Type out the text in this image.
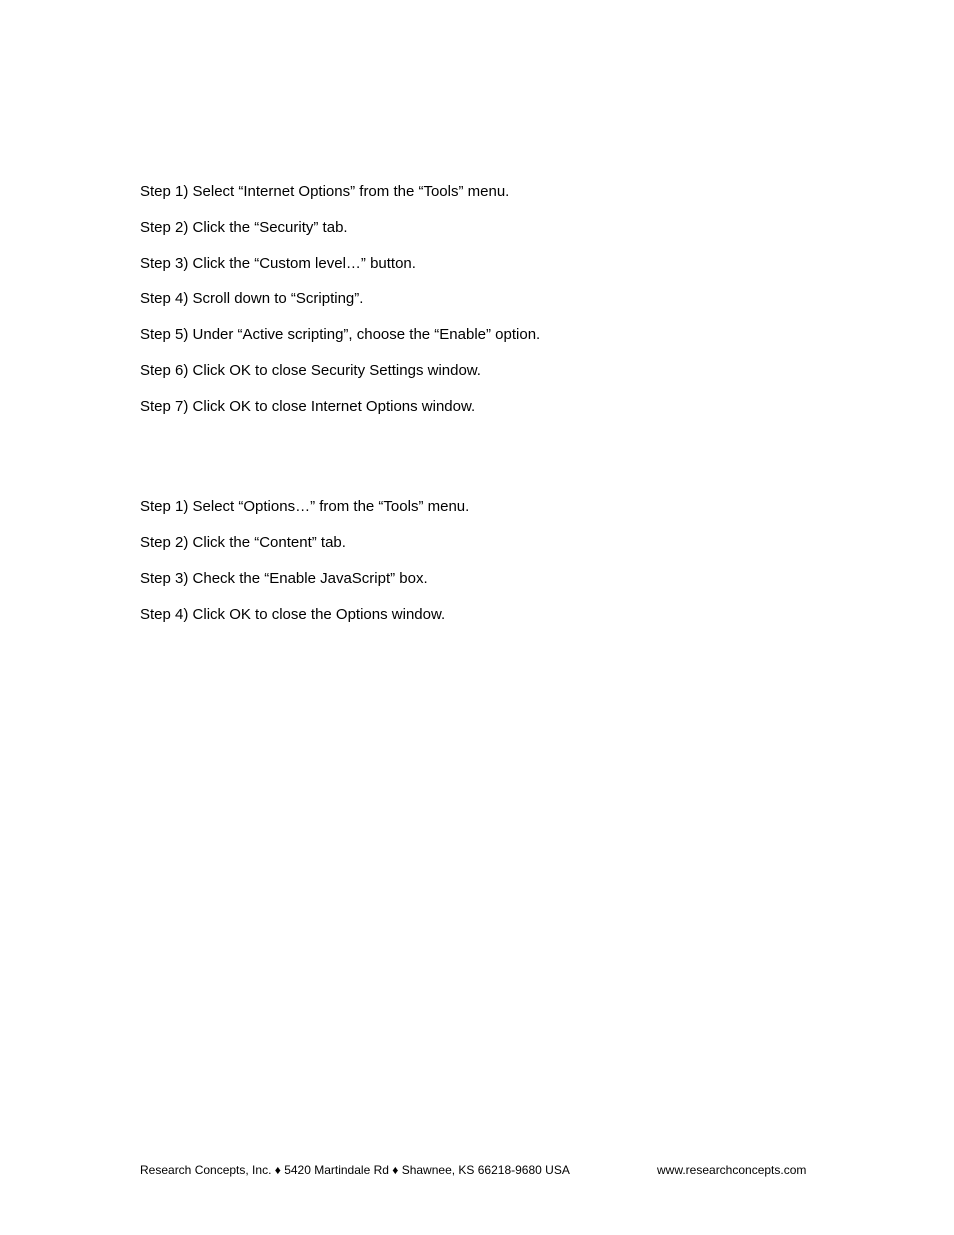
Step 1) Select “Internet Options” from the “Tools” menu.
Step 2) Click the “Security” tab.
Step 3) Click the “Custom level…” button.
Step 4) Scroll down to “Scripting”.
Step 5) Under “Active scripting”, choose the “Enable” option.
Step 6) Click OK to close Security Settings window.
Step 7) Click OK to close Internet Options window.
Step 1) Select “Options…” from the “Tools” menu.
Step 2) Click the “Content” tab.
Step 3) Check the “Enable JavaScript” box.
Step 4) Click OK to close the Options window.
Research Concepts, Inc. ♦ 5420 Martindale Rd ♦ Shawnee, KS 66218-9680 USA	www.researchconcepts.com
